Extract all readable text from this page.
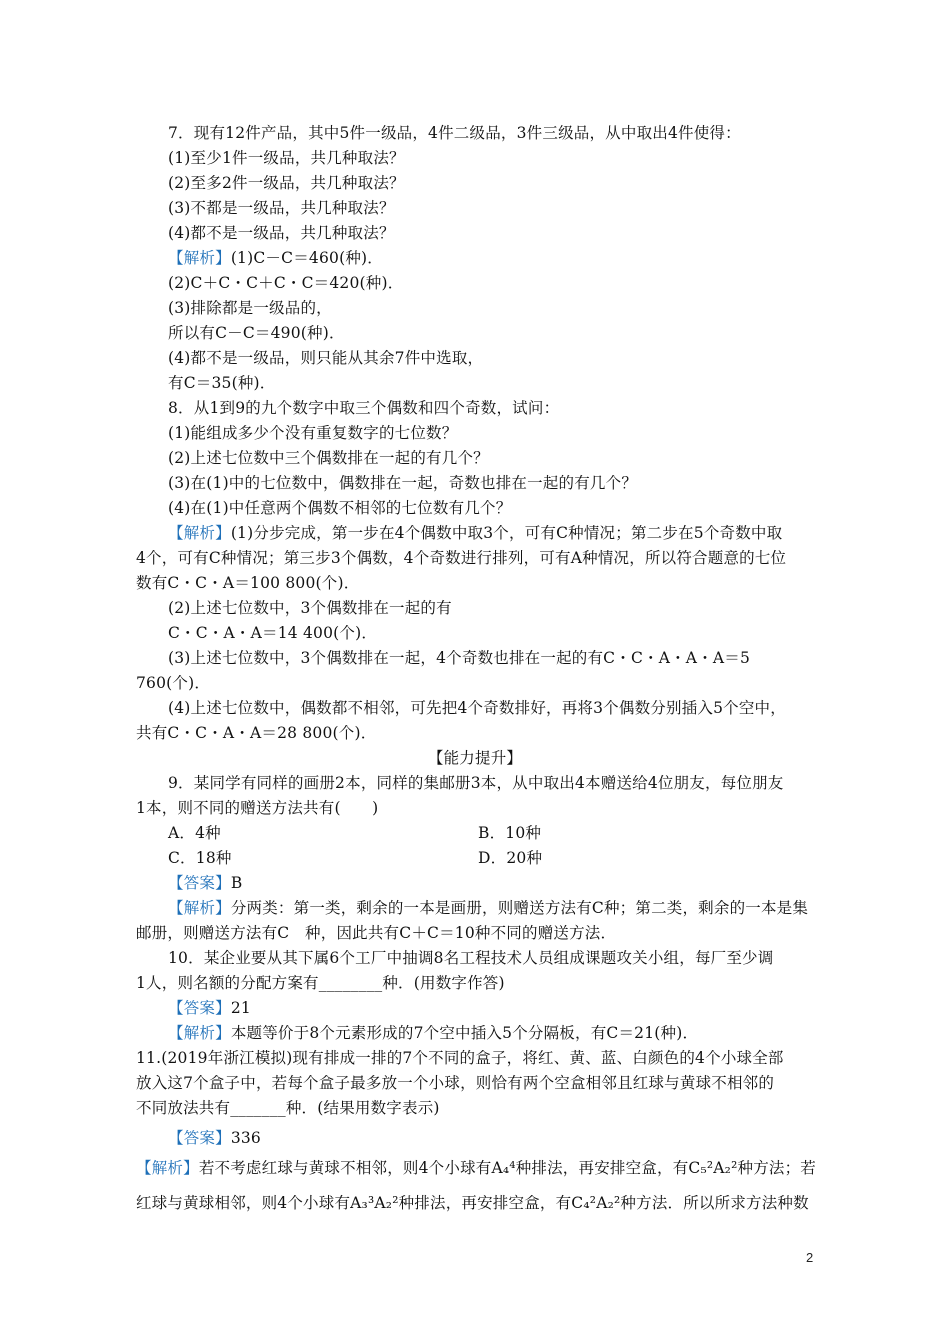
7．现有12件产品，其中5件一级品，4件二级品，3件三级品，从中取出4件使得：
(1)至少1件一级品，共几种取法？
(2)至多2件一级品，共几种取法？
(3)不都是一级品，共几种取法？
(4)都不是一级品，共几种取法？
【解析】(1)C－C＝460(种)．
(2)C＋C・C＋C・C＝420(种)．
(3)排除都是一级品的，
所以有C－C＝490(种)．
(4)都不是一级品，则只能从其余7件中选取，
有C＝35(种)．
8．从1到9的九个数字中取三个偶数和四个奇数，试问：
(1)能组成多少个没有重复数字的七位数？
(2)上述七位数中三个偶数排在一起的有几个？
(3)在(1)中的七位数中，偶数排在一起，奇数也排在一起的有几个？
(4)在(1)中任意两个偶数不相邻的七位数有几个？
【解析】(1)分步完成，第一步在4个偶数中取3个，可有C种情况；第二步在5个奇数中取
4个，可有C种情况；第三步3个偶数，4个奇数进行排列，可有A种情况，所以符合题意的七位
数有C・C・A＝100 800(个)．
(2)上述七位数中，3个偶数排在一起的有
C・C・A・A＝14 400(个)．
(3)上述七位数中，3个偶数排在一起，4个奇数也排在一起的有C・C・A・A・A＝5
760(个)．
(4)上述七位数中，偶数都不相邻，可先把4个奇数排好，再将3个偶数分别插入5个空中，
共有C・C・A・A＝28 800(个)．
9．某同学有同样的画册2本，同样的集邮册3本，从中取出4本赠送给4位朋友，每位朋友
1本，则不同的赠送方法共有(　　)
A．4种	B．10种
C．18种	D．20种
【答案】B
【解析】分两类：第一类，剩余的一本是画册，则赠送方法有C种；第二类，剩余的一本是集
邮册，则赠送方法有C　种，因此共有C＋C＝10种不同的赠送方法．
10．某企业要从其下属6个工厂中抽调8名工程技术人员组成课题攻关小组，每厂至少调
1人，则名额的分配方案有________种．(用数字作答)
【答案】21
【解析】本题等价于8个元素形成的7个空中插入5个分隔板，有C＝21(种)．
11.(2019年浙江模拟)现有排成一排的7个不同的盒子，将红、黄、蓝、白颜色的4个小球全部
放入这7个盒子中，若每个盒子最多放一个小球，则恰有两个空盒相邻且红球与黄球不相邻的
不同放法共有_______种．(结果用数字表示)
【答案】336
【解析】若不考虑红球与黄球不相邻，则4个小球有A₄⁴种排法，再安排空盒，有C₅²A₂²种方法；若
红球与黄球相邻，则4个小球有A₃³A₂²种排法，再安排空盒，有C₄²A₂²种方法．所以所求方法种数
【能力提升】
2
